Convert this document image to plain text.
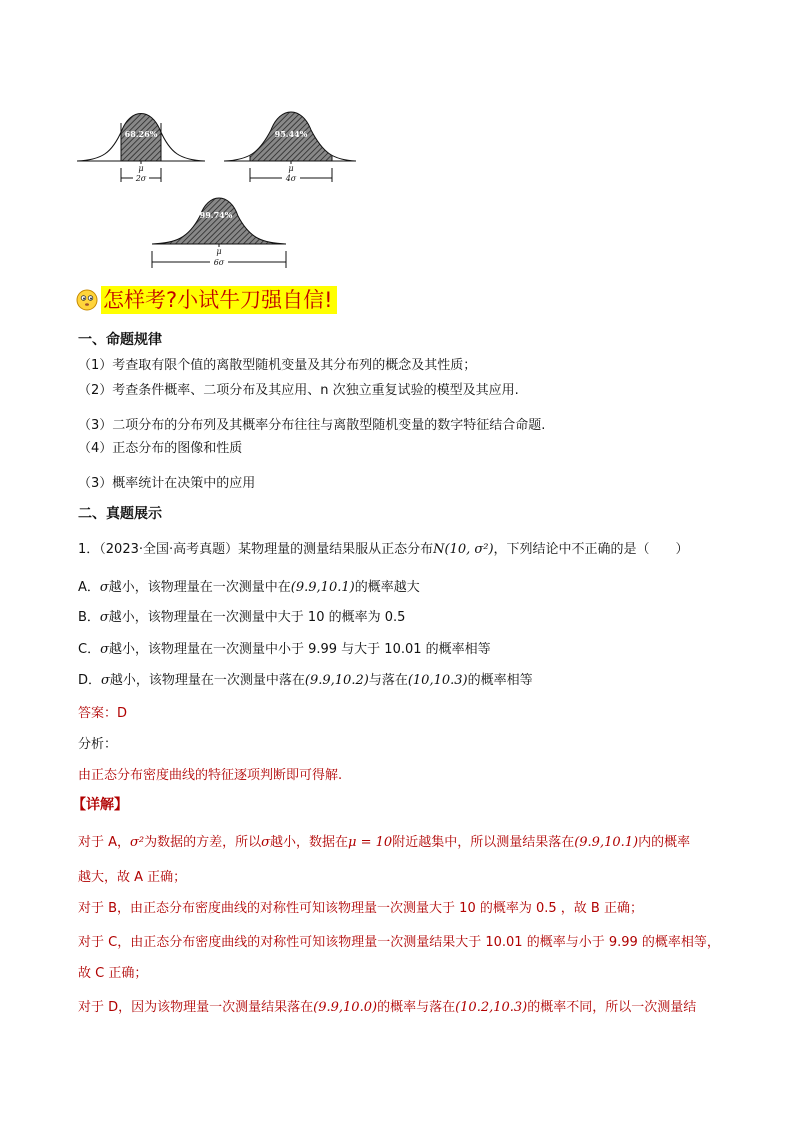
68.26%
μ
2σ
95.44%
μ
4σ
99.74%
μ
6σ
怎样考?小试牛刀强自信!
一、命题规律
（1）考查取有限个值的离散型随机变量及其分布列的概念及其性质；
（2）考查条件概率、二项分布及其应用、n 次独立重复试验的模型及其应用.
（3）二项分布的分布列及其概率分布往往与离散型随机变量的数字特征结合命题.
（4）正态分布的图像和性质
（3）概率统计在决策中的应用
二、真题展示
1．（2023·全国·高考真题）某物理量的测量结果服从正态分布N(10, σ²)，下列结论中不正确的是（　　）
A．σ越小，该物理量在一次测量中在(9.9,10.1)的概率越大
B．σ越小，该物理量在一次测量中大于 10 的概率为 0.5
C．σ越小，该物理量在一次测量中小于 9.99 与大于 10.01 的概率相等
D．σ越小，该物理量在一次测量中落在(9.9,10.2)与落在(10,10.3)的概率相等
答案：D
分析：
由正态分布密度曲线的特征逐项判断即可得解.
【详解】
对于 A，σ²为数据的方差，所以σ越小，数据在μ = 10附近越集中，所以测量结果落在(9.9,10.1)内的概率
越大，故 A 正确；
对于 B，由正态分布密度曲线的对称性可知该物理量一次测量大于 10 的概率为 0.5 ，故 B 正确；
对于 C，由正态分布密度曲线的对称性可知该物理量一次测量结果大于 10.01 的概率与小于 9.99 的概率相等，
故 C 正确；
对于 D，因为该物理量一次测量结果落在(9.9,10.0)的概率与落在(10.2,10.3)的概率不同，所以一次测量结
